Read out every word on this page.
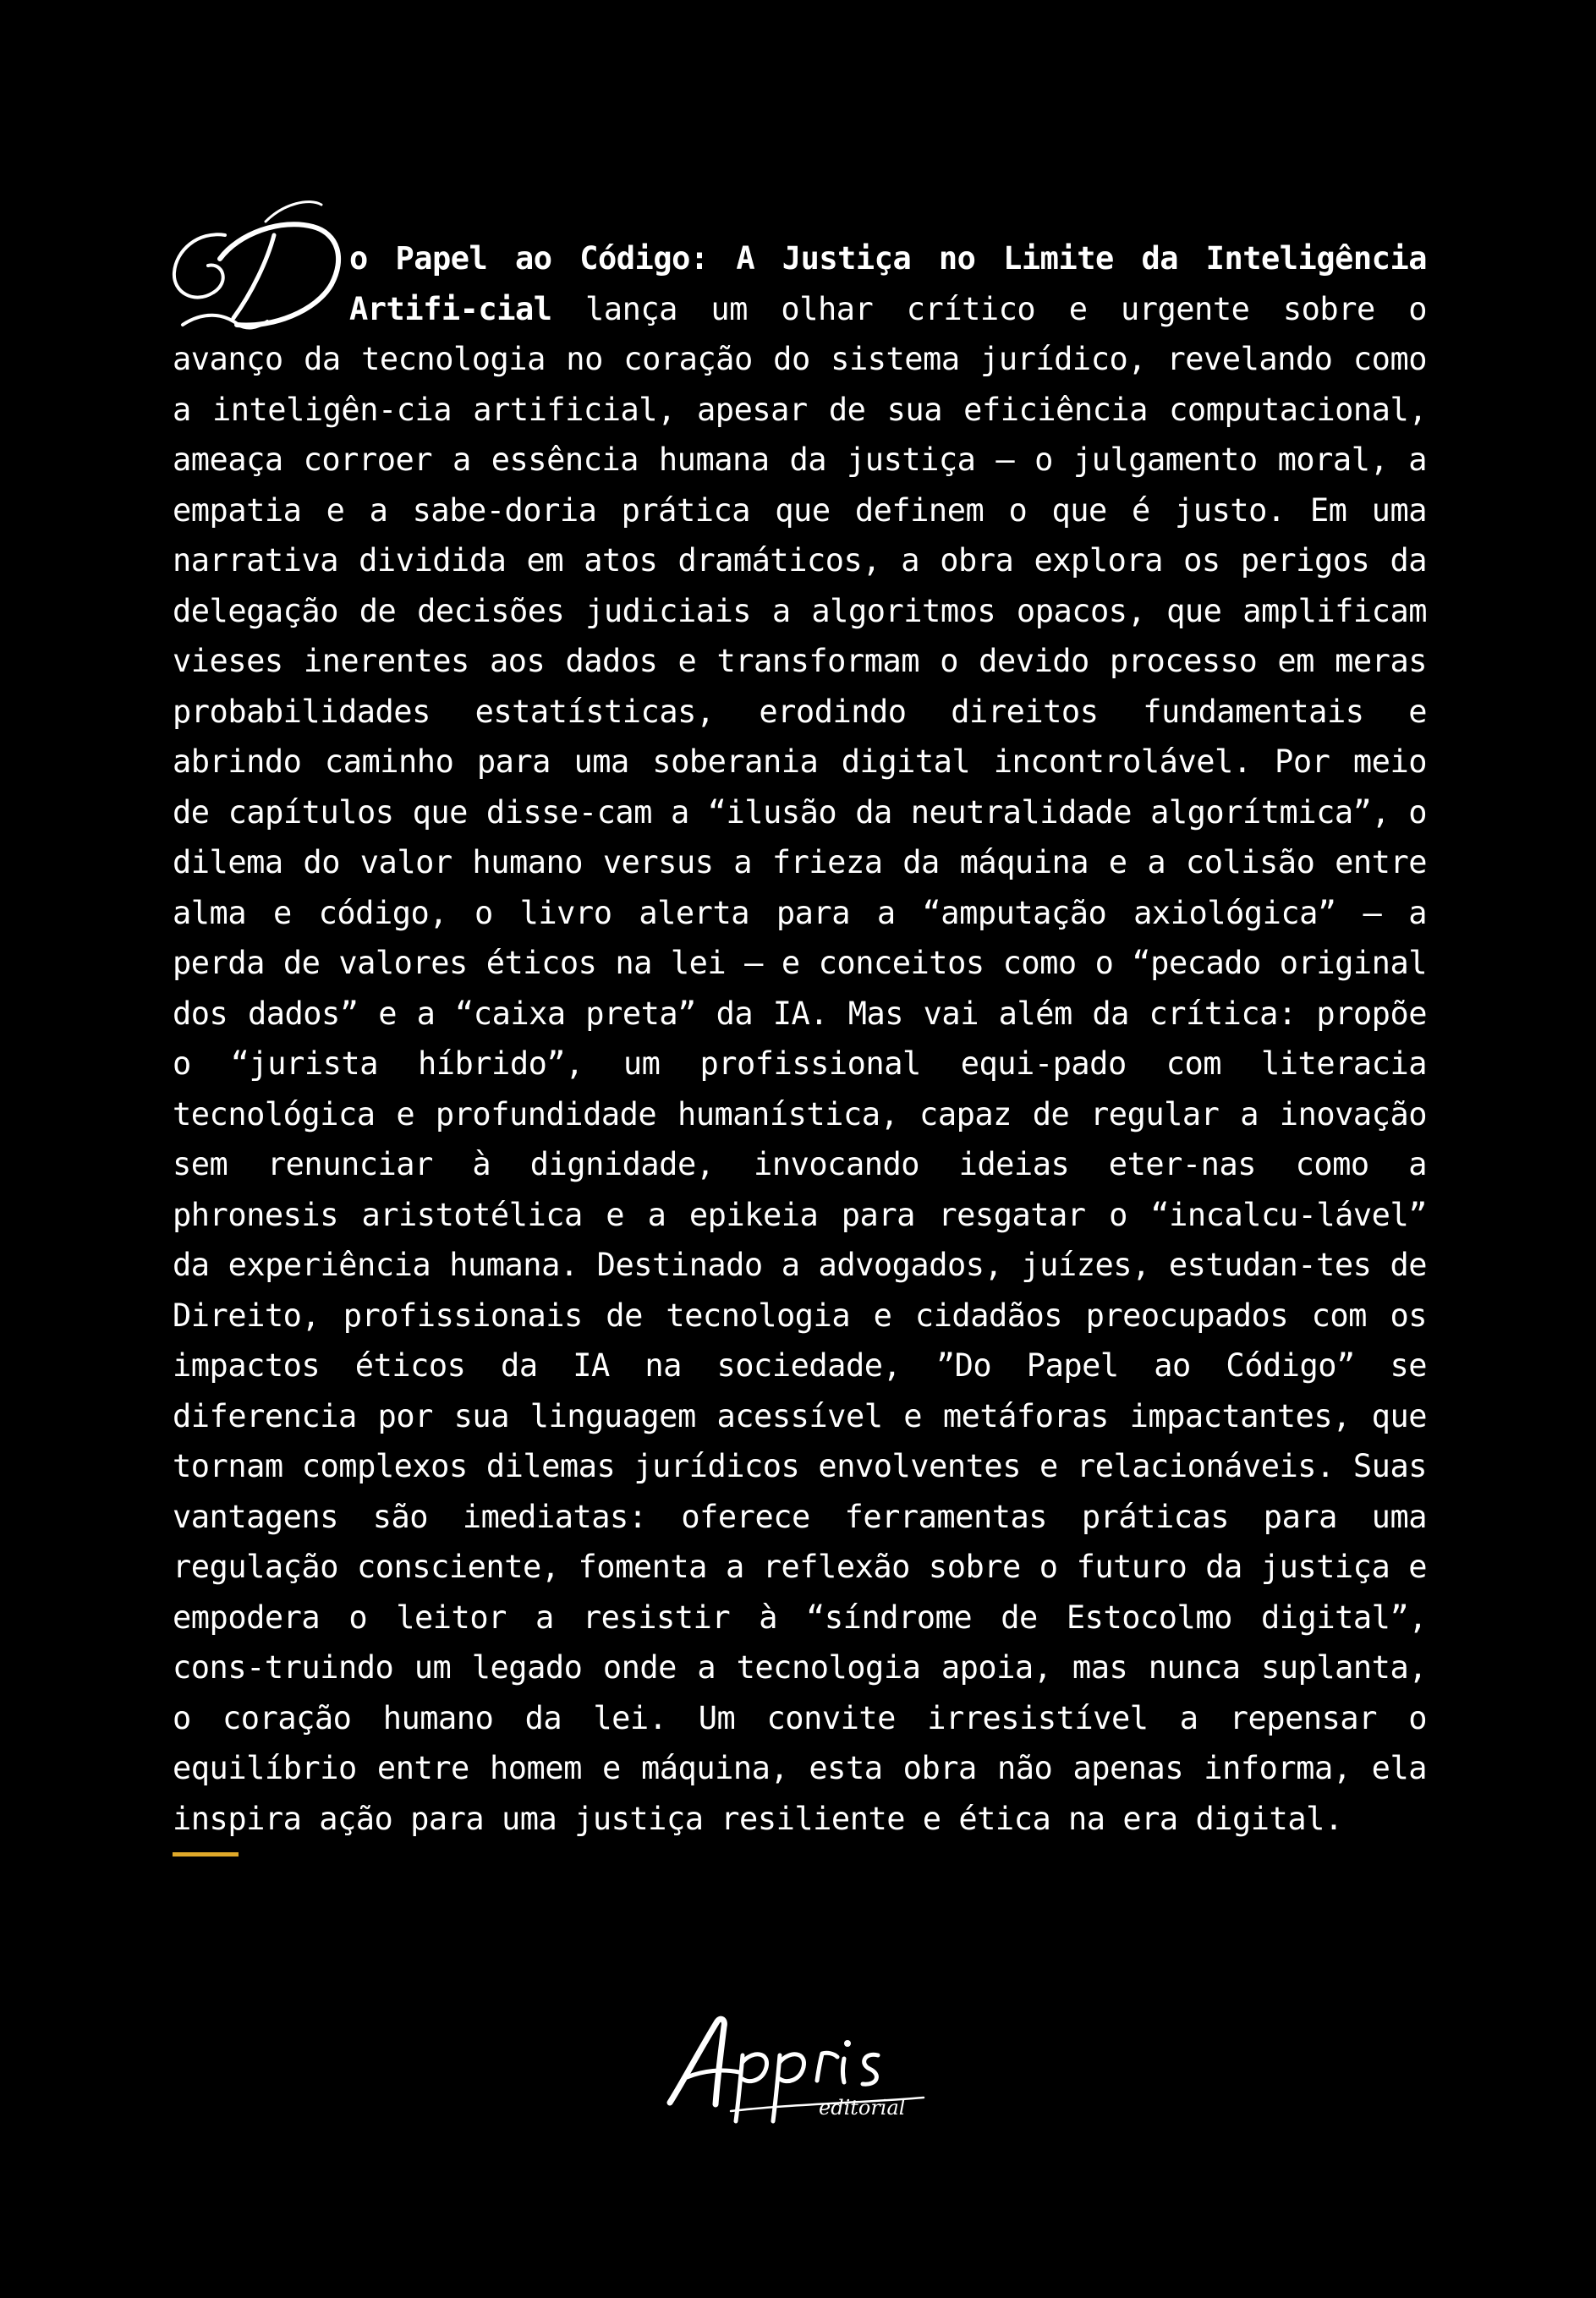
o Papel ao Código: A Justiça no Limite da Inteligência Artifi-cial lança um olhar crítico e urgente sobre o avanço da tecnologia no coração do sistema jurídico, revelando como a inteligên-cia artificial, apesar de sua eficiência computacional, ameaça corroer a essência humana da justiça – o julgamento moral, a empatia e a sabe-doria prática que definem o que é justo. Em uma narrativa dividida em atos dramáticos, a obra explora os perigos da delegação de decisões judiciais a algoritmos opacos, que amplificam vieses inerentes aos dados e transformam o devido processo em meras probabilidades estatísticas, erodindo direitos fundamentais e abrindo caminho para uma soberania digital incontrolável. Por meio de capítulos que disse-cam a “ilusão da neutralidade algorítmica”, o dilema do valor humano versus a frieza da máquina e a colisão entre alma e código, o livro alerta para a “amputação axiológica” – a perda de valores éticos na lei – e conceitos como o “pecado original dos dados” e a “caixa preta” da IA. Mas vai além da crítica: propõe o “jurista híbrido”, um profissional equi-pado com literacia tecnológica e profundidade humanística, capaz de regular a inovação sem renunciar à dignidade, invocando ideias eter-nas como a phronesis aristotélica e a epikeia para resgatar o “incalcu-lável” da experiência humana. Destinado a advogados, juízes, estudan-tes de Direito, profissionais de tecnologia e cidadãos preocupados com os impactos éticos da IA na sociedade, ”Do Papel ao Código” se diferencia por sua linguagem acessível e metáforas impactantes, que tornam complexos dilemas jurídicos envolventes e relacionáveis. Suas vantagens são imediatas: oferece ferramentas práticas para uma regulação consciente, fomenta a reflexão sobre o futuro da justiça e empodera o leitor a resistir à “síndrome de Estocolmo digital”, cons-truindo um legado onde a tecnologia apoia, mas nunca suplanta, o coração humano da lei. Um convite irresistível a repensar o equilíbrio entre homem e máquina, esta obra não apenas informa, ela inspira ação para uma justiça resiliente e ética na era digital.
editorial
